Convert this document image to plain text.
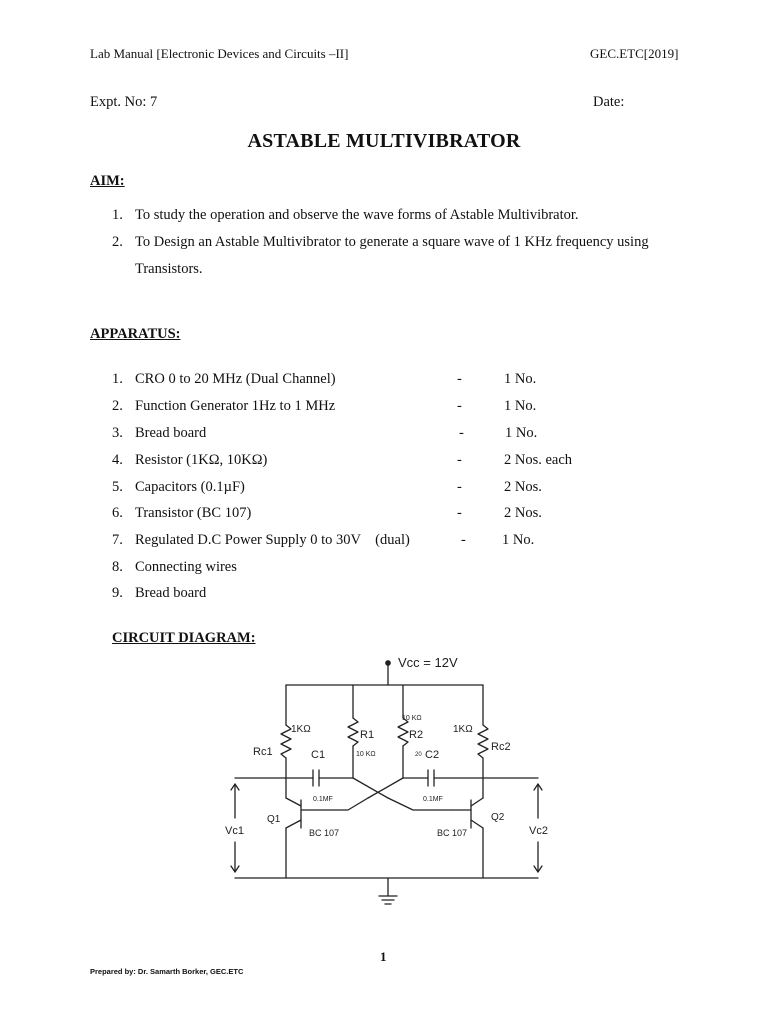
Lab Manual [Electronic Devices and Circuits –II]	GEC.ETC[2019]
Expt. No: 7	Date:
ASTABLE MULTIVIBRATOR
AIM:
1. To study the operation and observe the wave forms of Astable Multivibrator.
2. To Design an Astable Multivibrator to generate a square wave of 1 KHz frequency using
Transistors.
APPARATUS:
1. CRO 0 to 20 MHz (Dual Channel)	-	1 No.
2. Function Generator 1Hz to 1 MHz	-	1 No.
3. Bread board	-	1 No.
4. Resistor (1KΩ, 10KΩ)	-	2 Nos. each
5. Capacitors (0.1µF)	-	2 Nos.
6. Transistor (BC 107)	-	2 Nos.
7. Regulated D.C Power Supply 0 to 30V    (dual)	- 1 No.
8. Connecting wires
9. Bread board
CIRCUIT DIAGRAM:
Vcc = 12V
1KΩ
Rc1	C1
R1
10 KΩ
R2
10 KΩ
20 C2
1KΩ
Rc2
0.1MF	0.1MF
Q1	Q2
BC 107	BC 107
Vc1	Vc2
1
Prepared by: Dr. Samarth Borker, GEC.ETC
